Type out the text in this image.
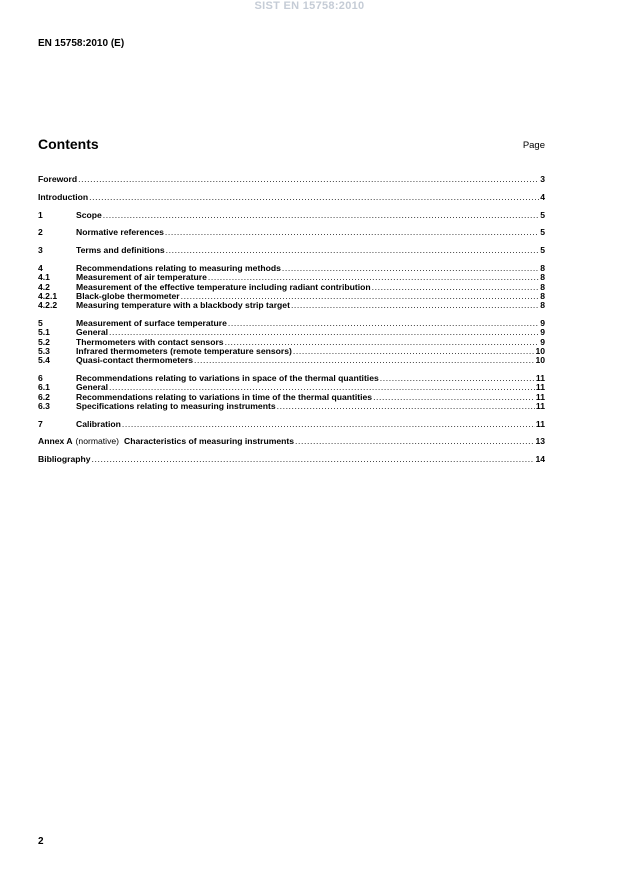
SIST EN 15758:2010
EN 15758:2010 (E)
Contents	Page
Foreword .....	3
Introduction .....	4
1	Scope .....	5
2	Normative references .....	5
3	Terms and definitions .....	5
4	Recommendations relating to measuring methods .....	8
4.1	Measurement of air temperature .....	8
4.2	Measurement of the effective temperature including radiant contribution .....	8
4.2.1	Black-globe thermometer .....	8
4.2.2	Measuring temperature with a blackbody strip target .....	8
5	Measurement of surface temperature .....	9
5.1	General .....	9
5.2	Thermometers with contact sensors .....	9
5.3	Infrared thermometers (remote temperature sensors) .....	10
5.4	Quasi-contact thermometers .....	10
6	Recommendations relating to variations in space of the thermal quantities .....	11
6.1	General .....	11
6.2	Recommendations relating to variations in time of the thermal quantities .....	11
6.3	Specifications relating to measuring instruments .....	11
7	Calibration .....	11
Annex A (normative) Characteristics of measuring instruments .....	13
Bibliography .....	14
2
